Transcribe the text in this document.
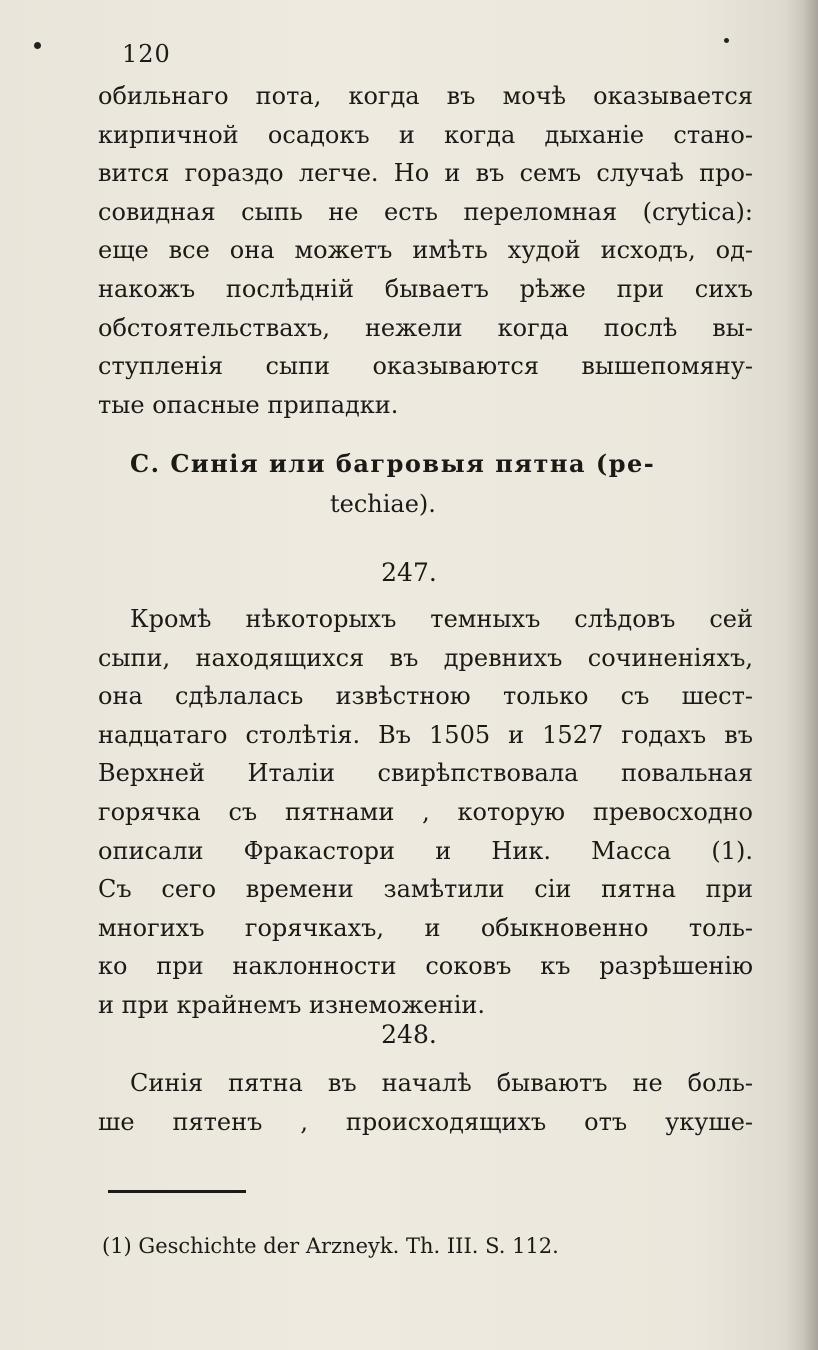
120
обильнаго пота, когда въ мочѣ оказывается
кирпичной осадокъ и когда дыханіе стано-
вится гораздо легче. Но и въ семъ случаѣ про-
совидная сыпь не есть переломная (crytica):
еще все она можетъ имѣть худой исходъ, од-
накожъ послѣдній бываетъ рѣже при сихъ
обстоятельствахъ, нежели когда послѣ вы-
ступленія сыпи оказываются вышепомяну-
тые опасные припадки.
С. Синія или багровыя пятна (pe-
techiae).
247.
Кромѣ нѣкоторыхъ темныхъ слѣдовъ сей
сыпи, находящихся въ древнихъ сочиненіяхъ,
она сдѣлалась извѣстною только съ шест-
надцатаго столѣтія. Въ 1505 и 1527 годахъ въ
Верхней Италіи свирѣпствовала повальная
горячка съ пятнами , которую превосходно
описали Фракастори и Ник. Масса (1).
Съ сего времени замѣтили сіи пятна при
многихъ горячкахъ, и обыкновенно толь-
ко при наклонности соковъ къ разрѣшенію
и при крайнемъ изнеможеніи.
248.
Синія пятна въ началѣ бываютъ не боль-
ше пятенъ , происходящихъ отъ укуше-
(1) Geschichte der Arzneyk. Th. III. S. 112.
